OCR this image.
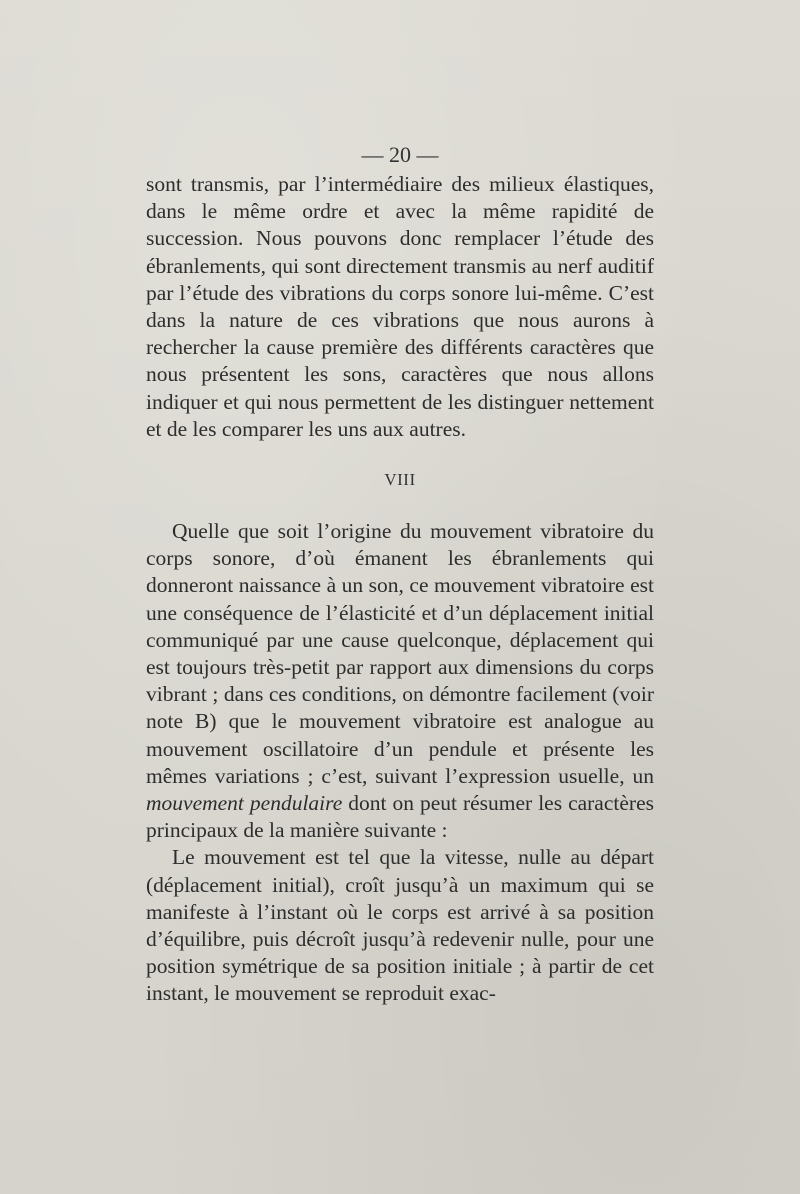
— 20 —

sont transmis, par l’intermédiaire des milieux élastiques, dans le même ordre et avec la même rapidité de succession. Nous pouvons donc remplacer l’étude des ébranlements, qui sont directement transmis au nerf auditif par l’étude des vibrations du corps sonore lui-même. C’est dans la nature de ces vibrations que nous aurons à rechercher la cause première des différents caractères que nous présentent les sons, caractères que nous allons indiquer et qui nous permettent de les distinguer nettement et de les comparer les uns aux autres.

VIII

Quelle que soit l’origine du mouvement vibratoire du corps sonore, d’où émanent les ébranlements qui donneront naissance à un son, ce mouvement vibratoire est une conséquence de l’élasticité et d’un déplacement initial communiqué par une cause quelconque, déplacement qui est toujours très-petit par rapport aux dimensions du corps vibrant ; dans ces conditions, on démontre facilement (voir note B) que le mouvement vibratoire est analogue au mouvement oscillatoire d’un pendule et présente les mêmes variations ; c’est, suivant l’expression usuelle, un mouvement pendulaire dont on peut résumer les caractères principaux de la manière suivante :

Le mouvement est tel que la vitesse, nulle au départ (déplacement initial), croît jusqu’à un maximum qui se manifeste à l’instant où le corps est arrivé à sa position d’équilibre, puis décroît jusqu’à redevenir nulle, pour une position symétrique de sa position initiale ; à partir de cet instant, le mouvement se reproduit exac-
